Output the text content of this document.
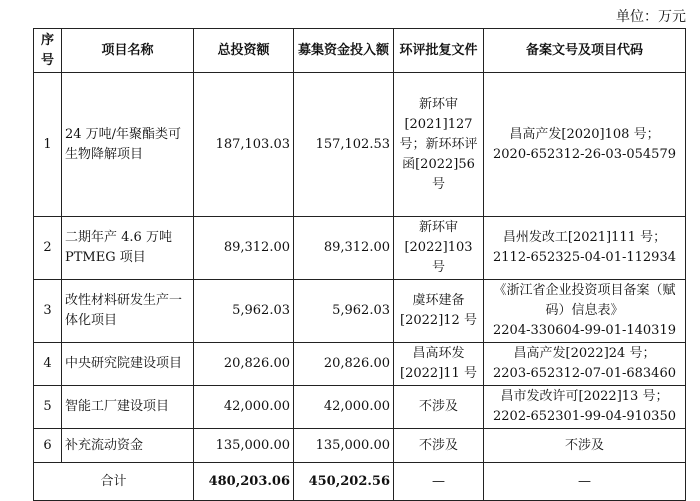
单位：万元
序号	项目名称	总投资额	募集资金投入额	环评批复文件	备案文号及项目代码
1	24 万吨/年聚酯类可生物降解项目	187,103.03	157,102.53	新环审[2021]127 号；新环环评函[2022]56 号	昌高产发[2020]108 号；
2020-652312-26-03-054579

2	二期年产 4.6 万吨 PTMEG 项目	89,312.00	89,312.00	新环审[2022]103 号	昌州发改工[2021]111 号；
2112-652325-04-01-112934

3	改性材料研发生产一体化项目	5,962.03	5,962.03	虞环建备[2022]12 号	《浙江省企业投资项目备案（赋码）信息表》
2204-330604-99-01-140319

4	中央研究院建设项目	20,826.00	20,826.00	昌高环发[2022]11 号	昌高产发[2022]24 号；
2203-652312-07-01-683460

5	智能工厂建设项目	42,000.00	42,000.00	不涉及	昌市发改许可[2022]13 号；
2202-652301-99-04-910350

6	补充流动资金	135,000.00	135,000.00	不涉及	不涉及

合计		480,203.06	450,202.56	—	—
